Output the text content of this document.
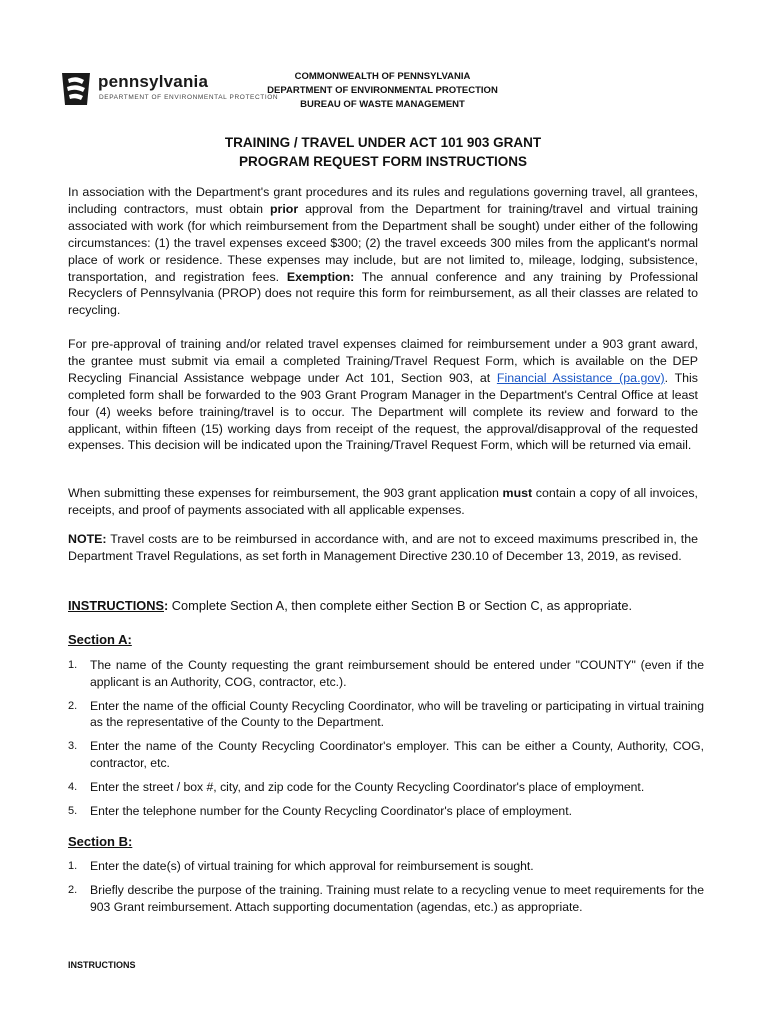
pennsylvania
DEPARTMENT OF ENVIRONMENTAL PROTECTION
COMMONWEALTH OF PENNSYLVANIA
DEPARTMENT OF ENVIRONMENTAL PROTECTION
BUREAU OF WASTE MANAGEMENT
TRAINING / TRAVEL UNDER ACT 101 903 GRANT
PROGRAM REQUEST FORM INSTRUCTIONS

In association with the Department's grant procedures and its rules and regulations governing travel, all grantees, including contractors, must obtain prior approval from the Department for training/travel and virtual training associated with work (for which reimbursement from the Department shall be sought) under either of the following circumstances: (1) the travel expenses exceed $300; (2) the travel exceeds 300 miles from the applicant's normal place of work or residence. These expenses may include, but are not limited to, mileage, lodging, subsistence, transportation, and registration fees. Exemption: The annual conference and any training by Professional Recyclers of Pennsylvania (PROP) does not require this form for reimbursement, as all their classes are related to recycling.

For pre-approval of training and/or related travel expenses claimed for reimbursement under a 903 grant award, the grantee must submit via email a completed Training/Travel Request Form, which is available on the DEP Recycling Financial Assistance webpage under Act 101, Section 903, at Financial Assistance (pa.gov). This completed form shall be forwarded to the 903 Grant Program Manager in the Department's Central Office at least four (4) weeks before training/travel is to occur. The Department will complete its review and forward to the applicant, within fifteen (15) working days from receipt of the request, the approval/disapproval of the requested expenses. This decision will be indicated upon the Training/Travel Request Form, which will be returned via email.

When submitting these expenses for reimbursement, the 903 grant application must contain a copy of all invoices, receipts, and proof of payments associated with all applicable expenses.

NOTE: Travel costs are to be reimbursed in accordance with, and are not to exceed maximums prescribed in, the Department Travel Regulations, as set forth in Management Directive 230.10 of December 13, 2019, as revised.

INSTRUCTIONS: Complete Section A, then complete either Section B or Section C, as appropriate.

Section A:
1. The name of the County requesting the grant reimbursement should be entered under "COUNTY" (even if the applicant is an Authority, COG, contractor, etc.).
2. Enter the name of the official County Recycling Coordinator, who will be traveling or participating in virtual training as the representative of the County to the Department.
3. Enter the name of the County Recycling Coordinator's employer. This can be either a County, Authority, COG, contractor, etc.
4. Enter the street / box #, city, and zip code for the County Recycling Coordinator's place of employment.
5. Enter the telephone number for the County Recycling Coordinator's place of employment.
Section B:
1. Enter the date(s) of virtual training for which approval for reimbursement is sought.
2. Briefly describe the purpose of the training. Training must relate to a recycling venue to meet requirements for the 903 Grant reimbursement. Attach supporting documentation (agendas, etc.) as appropriate.
INSTRUCTIONS
